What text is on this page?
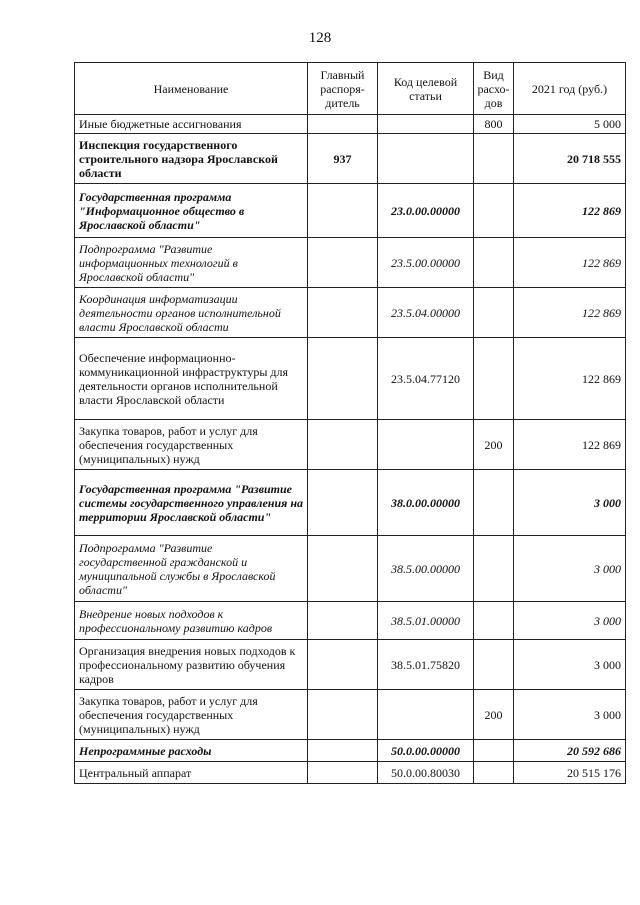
128
Наименование	Главный распоря-дитель	Код целевой статьи	Вид расхо-дов	2021 год (руб.)
Иные бюджетные ассигнования			800	5 000
Инспекция государственного строительного надзора Ярославской области	937			20 718 555
Государственная программа "Информационное общество в Ярославской области"		23.0.00.00000		122 869
Подпрограмма "Развитие информационных технологий в Ярославской области"		23.5.00.00000		122 869
Координация информатизации деятельности органов исполнительной власти Ярославской области		23.5.04.00000		122 869
Обеспечение информационно-коммуникационной инфраструктуры для деятельности органов исполнительной власти Ярославской области		23.5.04.77120		122 869
Закупка товаров, работ и услуг для обеспечения государственных (муниципальных) нужд			200	122 869
Государственная программа "Развитие системы государственного управления на территории Ярославской области"		38.0.00.00000		3 000
Подпрограмма "Развитие государственной гражданской и муниципальной службы в Ярославской области"		38.5.00.00000		3 000
Внедрение новых подходов к профессиональному развитию кадров		38.5.01.00000		3 000
Организация внедрения новых подходов к профессиональному развитию обучения кадров		38.5.01.75820		3 000
Закупка товаров, работ и услуг для обеспечения государственных (муниципальных) нужд			200	3 000
Непрограммные расходы		50.0.00.00000		20 592 686
Центральный аппарат		50.0.00.80030		20 515 176
